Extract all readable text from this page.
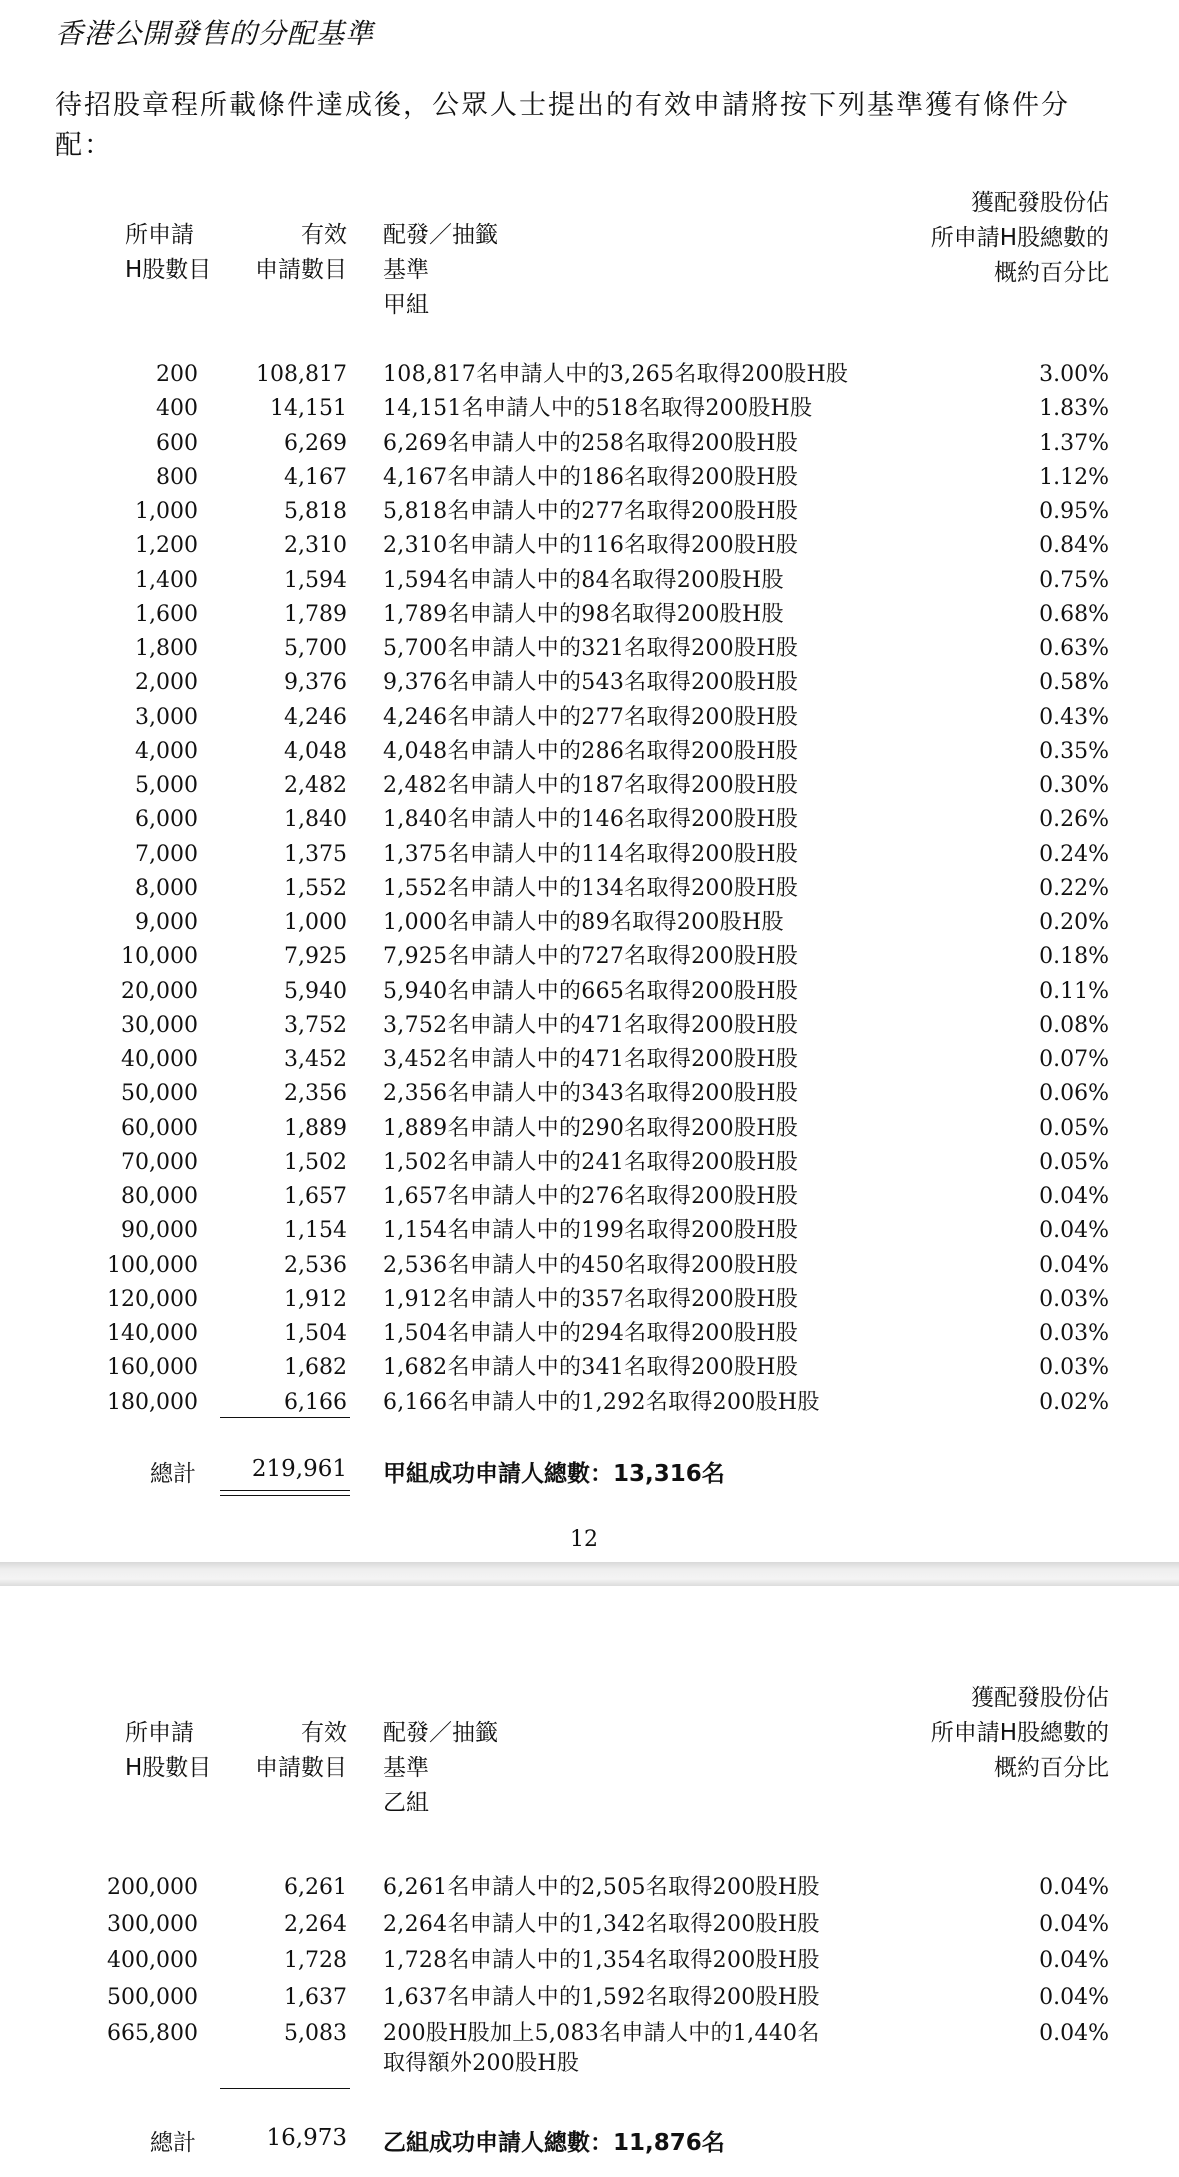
香港公開發售的分配基準
待招股章程所載條件達成後，公眾人士提出的有效申請將按下列基準獲有條件分配：
所申請
H股數目
有效
申請數目
配發／抽籤
基準
甲組
獲配發股份佔
所申請H股總數的
概約百分比
200	108,817 108,817名申請人中的3,265名取得200股H股	3.00%
400	14,151 14,151名申請人中的518名取得200股H股	1.83%
600	6,269 6,269名申請人中的258名取得200股H股	1.37%
800	4,167 4,167名申請人中的186名取得200股H股	1.12%
1,000	5,818 5,818名申請人中的277名取得200股H股	0.95%
1,200	2,310 2,310名申請人中的116名取得200股H股	0.84%
1,400	1,594 1,594名申請人中的84名取得200股H股	0.75%
1,600	1,789 1,789名申請人中的98名取得200股H股	0.68%
1,800	5,700 5,700名申請人中的321名取得200股H股	0.63%
2,000	9,376 9,376名申請人中的543名取得200股H股	0.58%
3,000	4,246 4,246名申請人中的277名取得200股H股	0.43%
4,000	4,048 4,048名申請人中的286名取得200股H股	0.35%
5,000	2,482 2,482名申請人中的187名取得200股H股	0.30%
6,000	1,840 1,840名申請人中的146名取得200股H股	0.26%
7,000	1,375 1,375名申請人中的114名取得200股H股	0.24%
8,000	1,552 1,552名申請人中的134名取得200股H股	0.22%
9,000	1,000 1,000名申請人中的89名取得200股H股	0.20%
10,000	7,925 7,925名申請人中的727名取得200股H股	0.18%
20,000	5,940 5,940名申請人中的665名取得200股H股	0.11%
30,000	3,752 3,752名申請人中的471名取得200股H股	0.08%
40,000	3,452 3,452名申請人中的471名取得200股H股	0.07%
50,000	2,356 2,356名申請人中的343名取得200股H股	0.06%
60,000	1,889 1,889名申請人中的290名取得200股H股	0.05%
70,000	1,502 1,502名申請人中的241名取得200股H股	0.05%
80,000	1,657 1,657名申請人中的276名取得200股H股	0.04%
90,000	1,154 1,154名申請人中的199名取得200股H股	0.04%
100,000	2,536 2,536名申請人中的450名取得200股H股	0.04%
120,000	1,912 1,912名申請人中的357名取得200股H股	0.03%
140,000	1,504 1,504名申請人中的294名取得200股H股	0.03%
160,000	1,682 1,682名申請人中的341名取得200股H股	0.03%
180,000	6,166 6,166名申請人中的1,292名取得200股H股	0.02%
總計 219,961 甲組成功申請人總數：13,316名
12
所申請
H股數目
有效
申請數目
配發／抽籤
基準
乙組
獲配發股份佔
所申請H股總數的
概約百分比
200,000	6,261 6,261名申請人中的2,505名取得200股H股	0.04%
300,000	2,264 2,264名申請人中的1,342名取得200股H股	0.04%
400,000	1,728 1,728名申請人中的1,354名取得200股H股	0.04%
500,000	1,637 1,637名申請人中的1,592名取得200股H股	0.04%
665,800	5,083 200股H股加上5,083名申請人中的1,440名	0.04%
取得額外200股H股
總計	16,973 乙組成功申請人總數：11,876名
